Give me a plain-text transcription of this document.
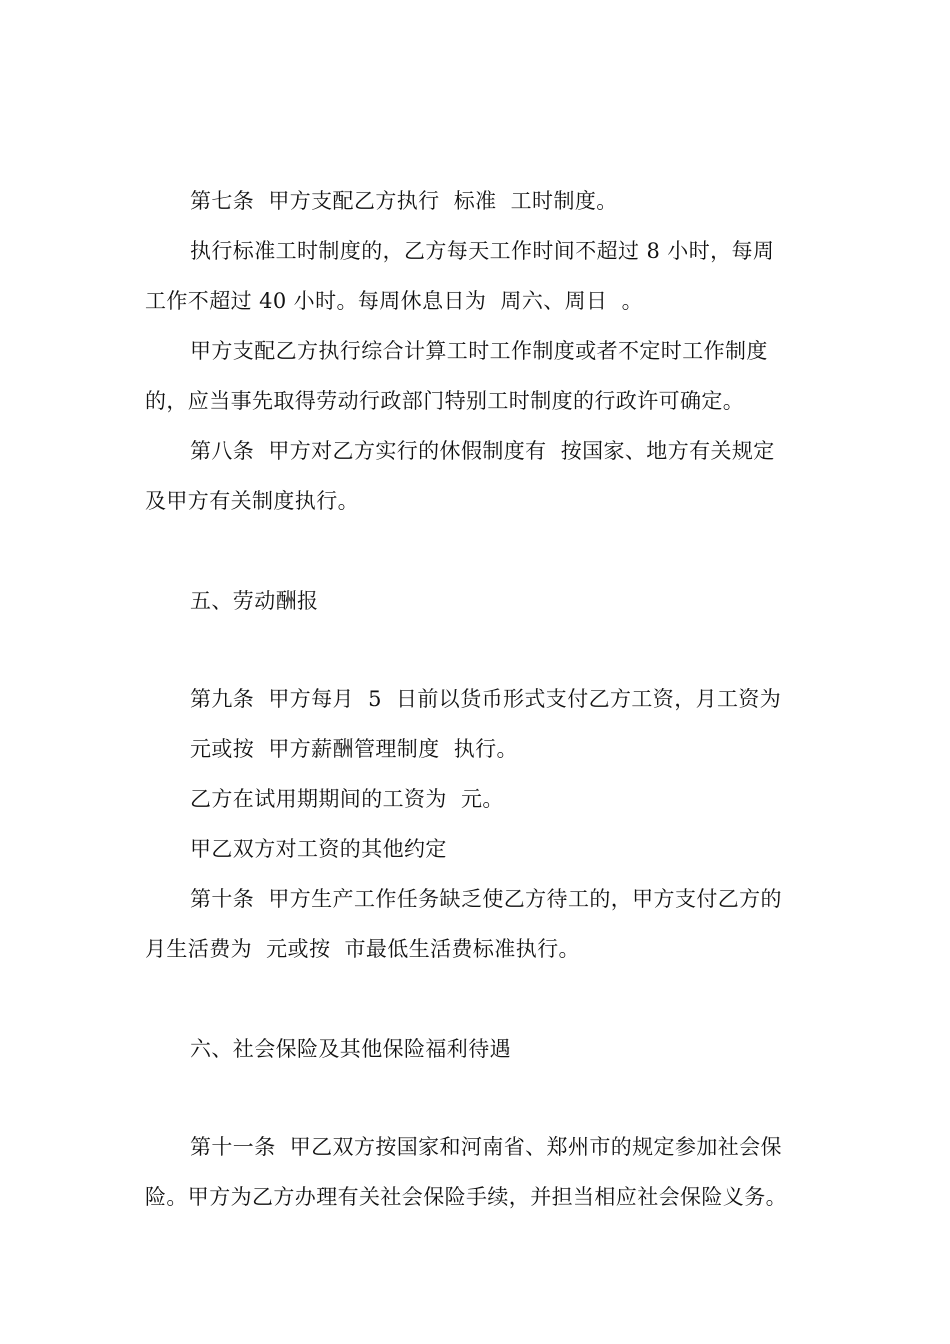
第七条  甲方支配乙方执行  标准  工时制度。
执行标准工时制度的，乙方每天工作时间不超过 8 小时，每周
工作不超过 40 小时。每周休息日为  周六、周日  。
甲方支配乙方执行综合计算工时工作制度或者不定时工作制度
的，应当事先取得劳动行政部门特别工时制度的行政许可确定。
第八条  甲方对乙方实行的休假制度有  按国家、地方有关规定
及甲方有关制度执行。
五、劳动酬报
第九条  甲方每月  5  日前以货币形式支付乙方工资，月工资为
元或按  甲方薪酬管理制度  执行。
乙方在试用期期间的工资为  元。
甲乙双方对工资的其他约定
第十条  甲方生产工作任务缺乏使乙方待工的，甲方支付乙方的
月生活费为  元或按  市最低生活费标准执行。
六、社会保险及其他保险福利待遇
第十一条  甲乙双方按国家和河南省、郑州市的规定参加社会保
险。甲方为乙方办理有关社会保险手续，并担当相应社会保险义务。
